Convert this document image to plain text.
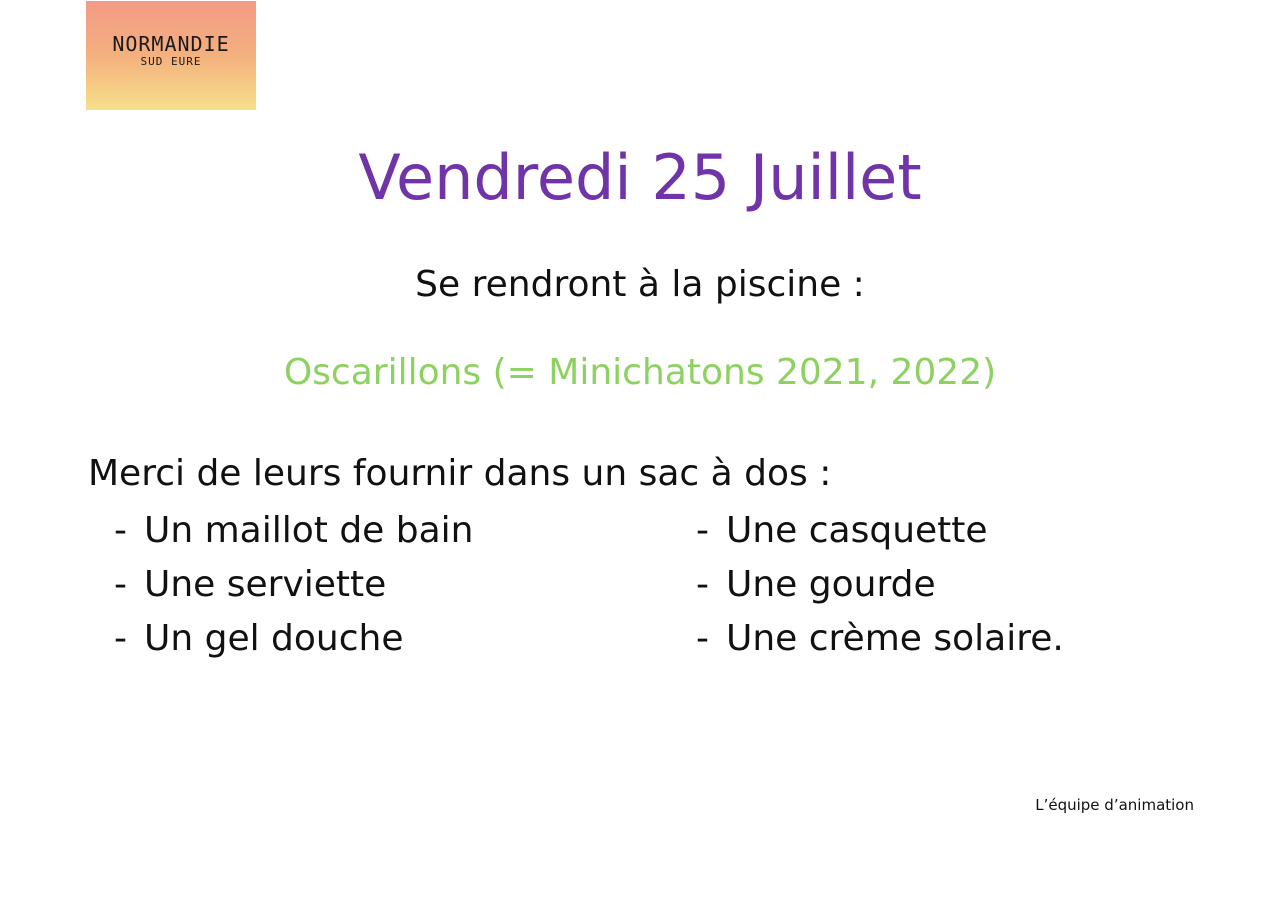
NORMANDIE
SUD EURE
Vendredi 25 Juillet
Se rendront à la piscine :
Oscarillons (= Minichatons 2021, 2022)
Merci de leurs fournir dans un sac à dos :
- Un maillot de bain
- Une serviette
- Un gel douche
- Une casquette
- Une gourde
- Une crème solaire.
L’équipe d’animation
